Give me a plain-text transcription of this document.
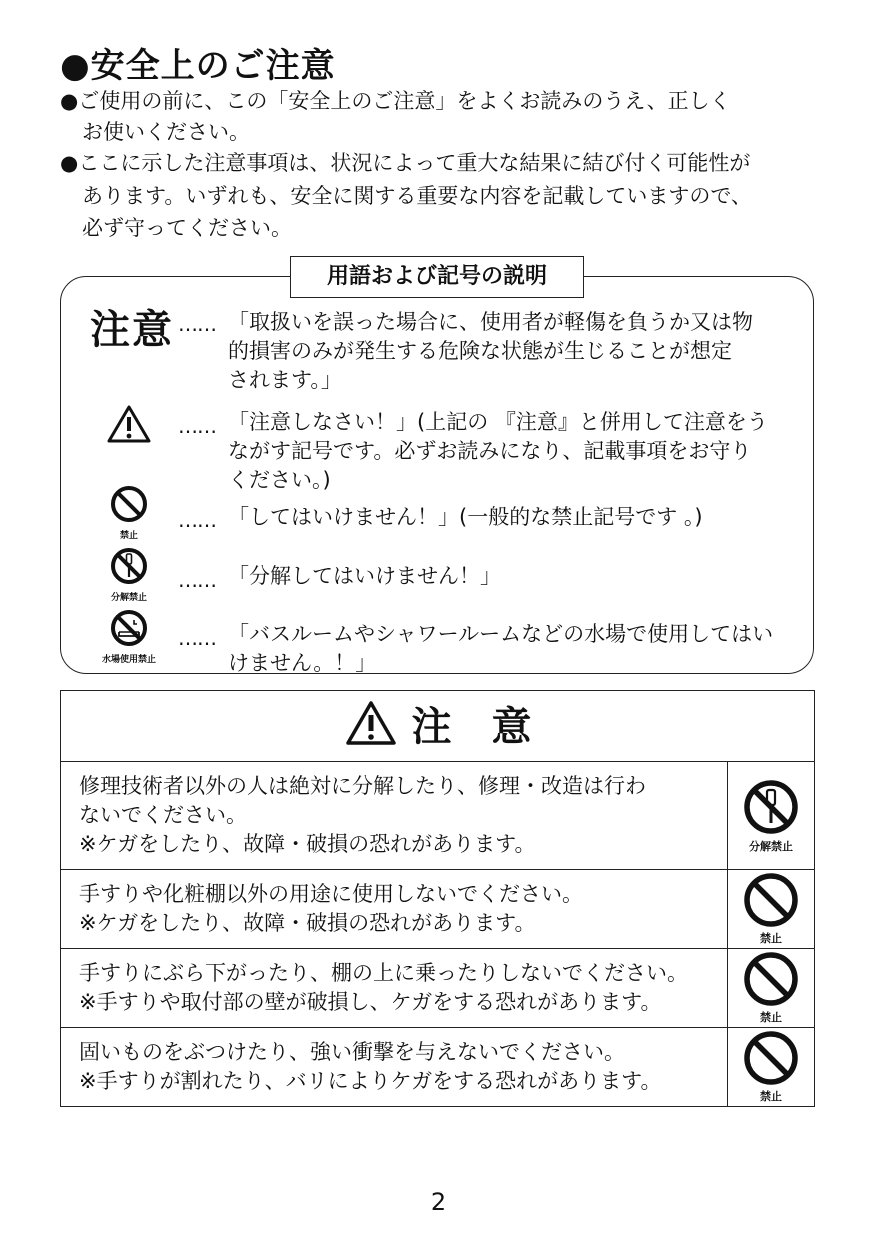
●安全上のご注意
●ご使用の前に、この「安全上のご注意」をよくお読みのうえ、正しく
お使いください。
●ここに示した注意事項は、状況によって重大な結果に結び付く可能性が
あります。いずれも、安全に関する重要な内容を記載していますので、
必ず守ってください。
用語および記号の説明
注意 …… 「取扱いを誤った場合に、使用者が軽傷を負うか又は物
的損害のみが発生する危険な状態が生じることが想定
されます。」
…… 「注意しなさい！」(上記の 『注意』と併用して注意をう
ながす記号です。必ずお読みになり、記載事項をお守り
ください。)
禁止
…… 「してはいけません！」(一般的な禁止記号です 。)
分解禁止
…… 「分解してはいけません！」
水場使用禁止
…… 「バスルームやシャワールームなどの水場で使用してはい
けません。！」
注　意	

修理技術者以外の人は絶対に分解したり、修理・改造は行わ
ないでください。
※ケガをしたり、故障・破損の恐れがあります。	分解禁止

手すりや化粧棚以外の用途に使用しないでください。
※ケガをしたり、故障・破損の恐れがあります。	禁止

手すりにぶら下がったり、棚の上に乗ったりしないでください。
※手すりや取付部の壁が破損し、ケガをする恐れがあります。	禁止

固いものをぶつけたり、強い衝撃を与えないでください。
※手すりが割れたり、バリによりケガをする恐れがあります。	禁止
2
